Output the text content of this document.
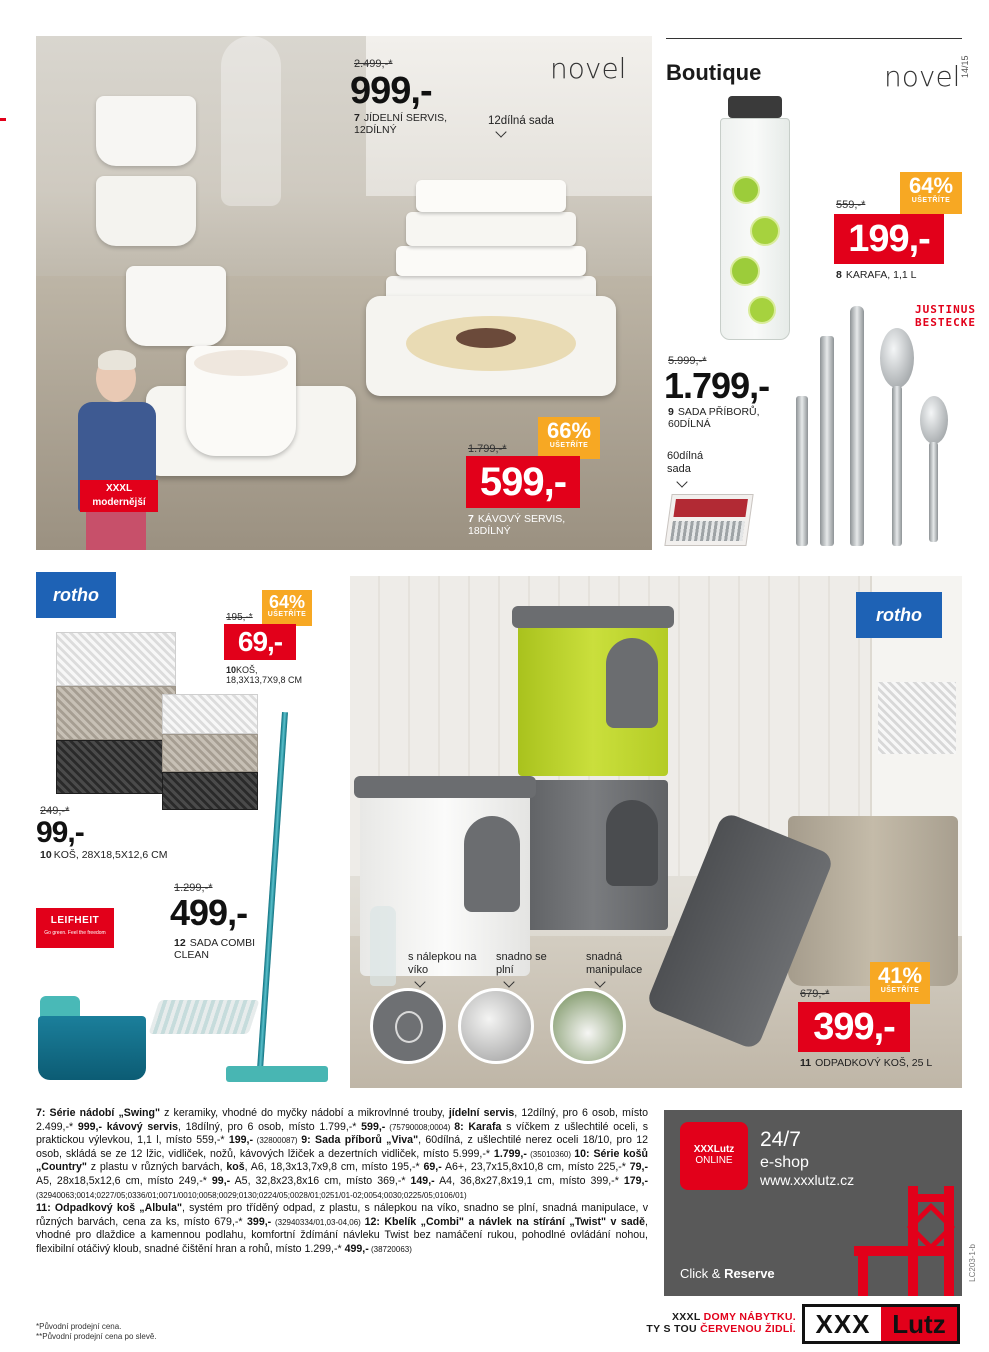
14/15
XXXL
modernější
novel
2.499,-*
999,-
7 JÍDELNÍ SERVIS, 12DÍLNÝ
12dílná sada
66%
UŠETŘÍTE
1.799,-*
599,-
7 KÁVOVÝ SERVIS, 18DÍLNÝ
Boutique	novel
64%
UŠETŘÍTE
559,-*
199,-
8 KARAFA, 1,1 L
JUSTINUS
BESTECKE
5.999,-*
1.799,-
9 SADA PŘÍBORŮ, 60DÍLNÁ
60dílná
sada
rotho	64%
UŠETŘÍTE
195,-*
69,-
10KOŠ,
18,3X13,7X9,8 CM
249,-*
99,-
10 KOŠ, 28X18,5X12,6 CM
LEIFHEIT
Go green. Feel the freedom
1.299,-*
499,-
12 SADA COMBI
CLEAN
rotho
s nálepkou na víko
snadno se plní
snadná manipulace	41%
UŠETŘÍTE
679,-*
399,-
11 ODPADKOVÝ KOŠ, 25 L
7: Série nádobí „Swing" z keramiky, vhodné do myčky nádobí a mikrovlnné trouby, jídelní servis, 12dílný, pro 6 osob, místo 2.499,-* 999,- kávový servis, 18dílný, pro 6 osob, místo 1.799,-* 599,- (75790008;0004) 8: Karafa s víčkem z ušlechtilé oceli, s praktickou výlevkou, 1,1 l, místo 559,-* 199,- (32800087) 9: Sada příborů „Viva", 60dílná, z ušlechtilé nerez oceli 18/10, pro 12 osob, skládá se ze 12 lžic, vidliček, nožů, kávových lžiček a dezertních vidliček, místo 5.999,-* 1.799,- (35010360) 10: Série košů „Country" z plastu v různých barvách, koš, A6, 18,3x13,7x9,8 cm, místo 195,-* 69,- A6+, 23,7x15,8x10,8 cm, místo 225,-* 79,- A5, 28x18,5x12,6 cm, místo 249,-* 99,- A5, 32,8x23,8x16 cm, místo 369,-* 149,- A4, 36,8x27,8x19,1 cm, místo 399,-* 179,- (32940063;0014;0227/05;0336/01;0071/0010;0058;0029;0130;0224/05;0028/01;0251/01-02;0054;0030;0225/05;0106/01)
11: Odpadkový koš „Albula", systém pro tříděný odpad, z plastu, s nálepkou na víko, snadno se plní, snadná manipulace, v různých barvách, cena za ks, místo 679,-* 399,- (32940334/01,03-04,06) 12: Kbelík „Combi" a návlek na stírání „Twist" v sadě, vhodné pro dlaždice a kamennou podlahu, komfortní ždímání návleku Twist bez namáčení rukou, pohodlné ovládání nohou, flexibilní otáčivý kloub, snadné čištění hran a rohů, místo 1.299,-* 499,- (38720063)
*Původní prodejní cena.
**Původní prodejní cena po slevě.
XXXLutz
ONLINE
24/7
e-shop
www.xxxlutz.cz
Click & Reserve	LC203-1-b
XXXL DOMY NÁBYTKU.
TY S TOU ČERVENOU ŽIDLÍ. XXX Lutz
